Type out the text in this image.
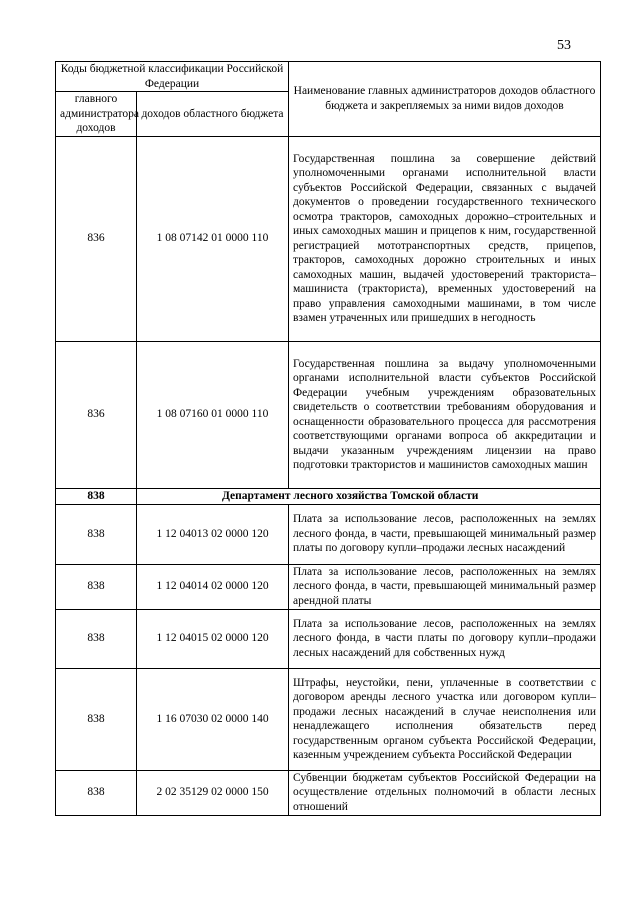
53
Коды бюджетной классификации Российской Федерации		Наименование главных администраторов доходов областного бюджета и закрепляемых за ними видов доходов
главного администратора доходов	доходов областного бюджета	
836	1 08 07142 01 0000 110	Государственная пошлина за совершение действий уполномоченными органами исполнительной власти субъектов Российской Федерации, связанных с выдачей документов о проведении государственного технического осмотра тракторов, самоходных дорожно–строительных и иных самоходных машин и прицепов к ним, государственной регистрацией мототранспортных средств, прицепов, тракторов, самоходных дорожно строительных и иных самоходных машин, выдачей удостоверений тракториста–машиниста (тракториста), временных удостоверений на право управления самоходными машинами, в том числе взамен утраченных или пришедших в негодность
836	1 08 07160 01 0000 110	Государственная пошлина за выдачу уполномоченными органами исполнительной власти субъектов Российской Федерации учебным учреждениям образовательных свидетельств о соответствии требованиям оборудования и оснащенности образовательного процесса для рассмотрения соответствующими органами вопроса об аккредитации и выдачи указанным учреждениям лицензии на право подготовки трактористов и машинистов самоходных машин
838	Департамент лесного хозяйства Томской области	
838	1 12 04013 02 0000 120	Плата за использование лесов, расположенных на землях лесного фонда, в части, превышающей минимальный размер платы по договору купли–продажи лесных насаждений
838	1 12 04014 02 0000 120	Плата за использование лесов, расположенных на землях лесного фонда, в части, превышающей минимальный размер арендной платы
838	1 12 04015 02 0000 120	Плата за использование лесов, расположенных на землях лесного фонда, в части платы по договору купли–продажи лесных насаждений для собственных нужд
838	1 16 07030 02 0000 140	Штрафы, неустойки, пени, уплаченные в соответствии с договором аренды лесного участка или договором купли–продажи лесных насаждений в случае неисполнения или ненадлежащего исполнения обязательств перед государственным органом субъекта Российской Федерации, казенным учреждением субъекта Российской Федерации
838	2 02 35129 02 0000 150	Субвенции бюджетам субъектов Российской Федерации на осуществление отдельных полномочий в области лесных отношений
